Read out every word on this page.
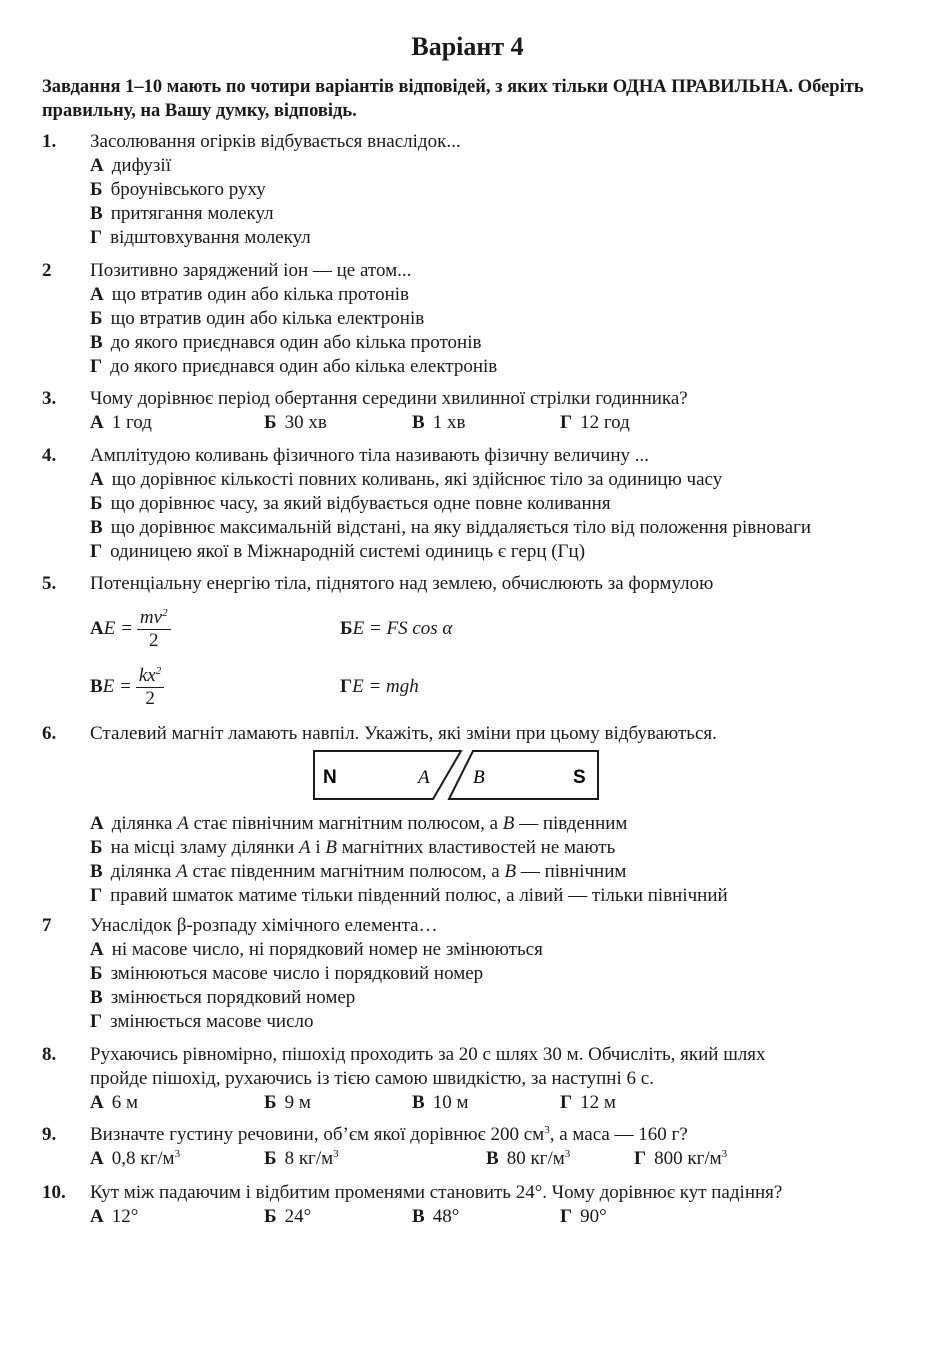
Варіант 4
Завдання 1–10 мають по чотири варіантів відповідей, з яких тільки ОДНА ПРАВИЛЬНА. Оберіть правильну, на Вашу думку, відповідь.
1. Засолювання огірків відбувається внаслідок...
А дифузії
Б броунівського руху
В притягання молекул
Г відштовхування молекул
2 Позитивно заряджений іон — це атом...
А що втратив один або кілька протонів
Б що втратив один або кілька електронів
В до якого приєднався один або кілька протонів
Г до якого приєднався один або кілька електронів
3. Чому дорівнює період обертання середини хвилинної стрілки годинника?
А 1 год	Б 30 хв	В 1 хв	Г 12 год
4. Амплітудою коливань фізичного тіла називають фізичну величину ...
А що дорівнює кількості повних коливань, які здійснює тіло за одиницю часу
Б що дорівнює часу, за який відбувається одне повне коливання
В що дорівнює максимальній відстані, на яку віддаляється тіло від положення рівноваги
Г одиницею якої в Міжнародній системі одиниць є герц (Гц)
5. Потенціальну енергію тіла, піднятого над землею, обчислюють за формулою
А $E = \frac{mv^2}{2}$	Б E = FS cos α
В $E = \frac{kx^2}{2}$	Г E = mgh
6. Сталевий магніт ламають навпіл. Укажіть, які зміни при цьому відбуваються.
N	A B	S
А ділянка A стає північним магнітним полюсом, а B — південним
Б на місці зламу ділянки A і B магнітних властивостей не мають
В ділянка A стає південним магнітним полюсом, а B — північним
Г правий шматок матиме тільки південний полюс, а лівий — тільки північний
7 Унаслідок β-розпаду хімічного елемента…
А ні масове число, ні порядковий номер не змінюються
Б змінюються масове число і порядковий номер
В змінюється порядковий номер
Г змінюється масове число
8. Рухаючись рівномірно, пішохід проходить за 20 с шлях 30 м. Обчисліть, який шлях
пройде пішохід, рухаючись із тією самою швидкістю, за наступні 6 с.
А 6 м	Б 9 м	В 10 м	Г 12 м
9. Визначте густину речовини, об’єм якої дорівнює 200 $см^3$, а маса — 160 г?
А 0,8 $кг/м^3$	Б 8 $кг/м^3$	В 80 $кг/м^3$	Г 800 $кг/м^3$
10. Кут між падаючим і відбитим променями становить 24°. Чому дорівнює кут падіння?
А 12°	Б 24°	В 48°	Г 90°
